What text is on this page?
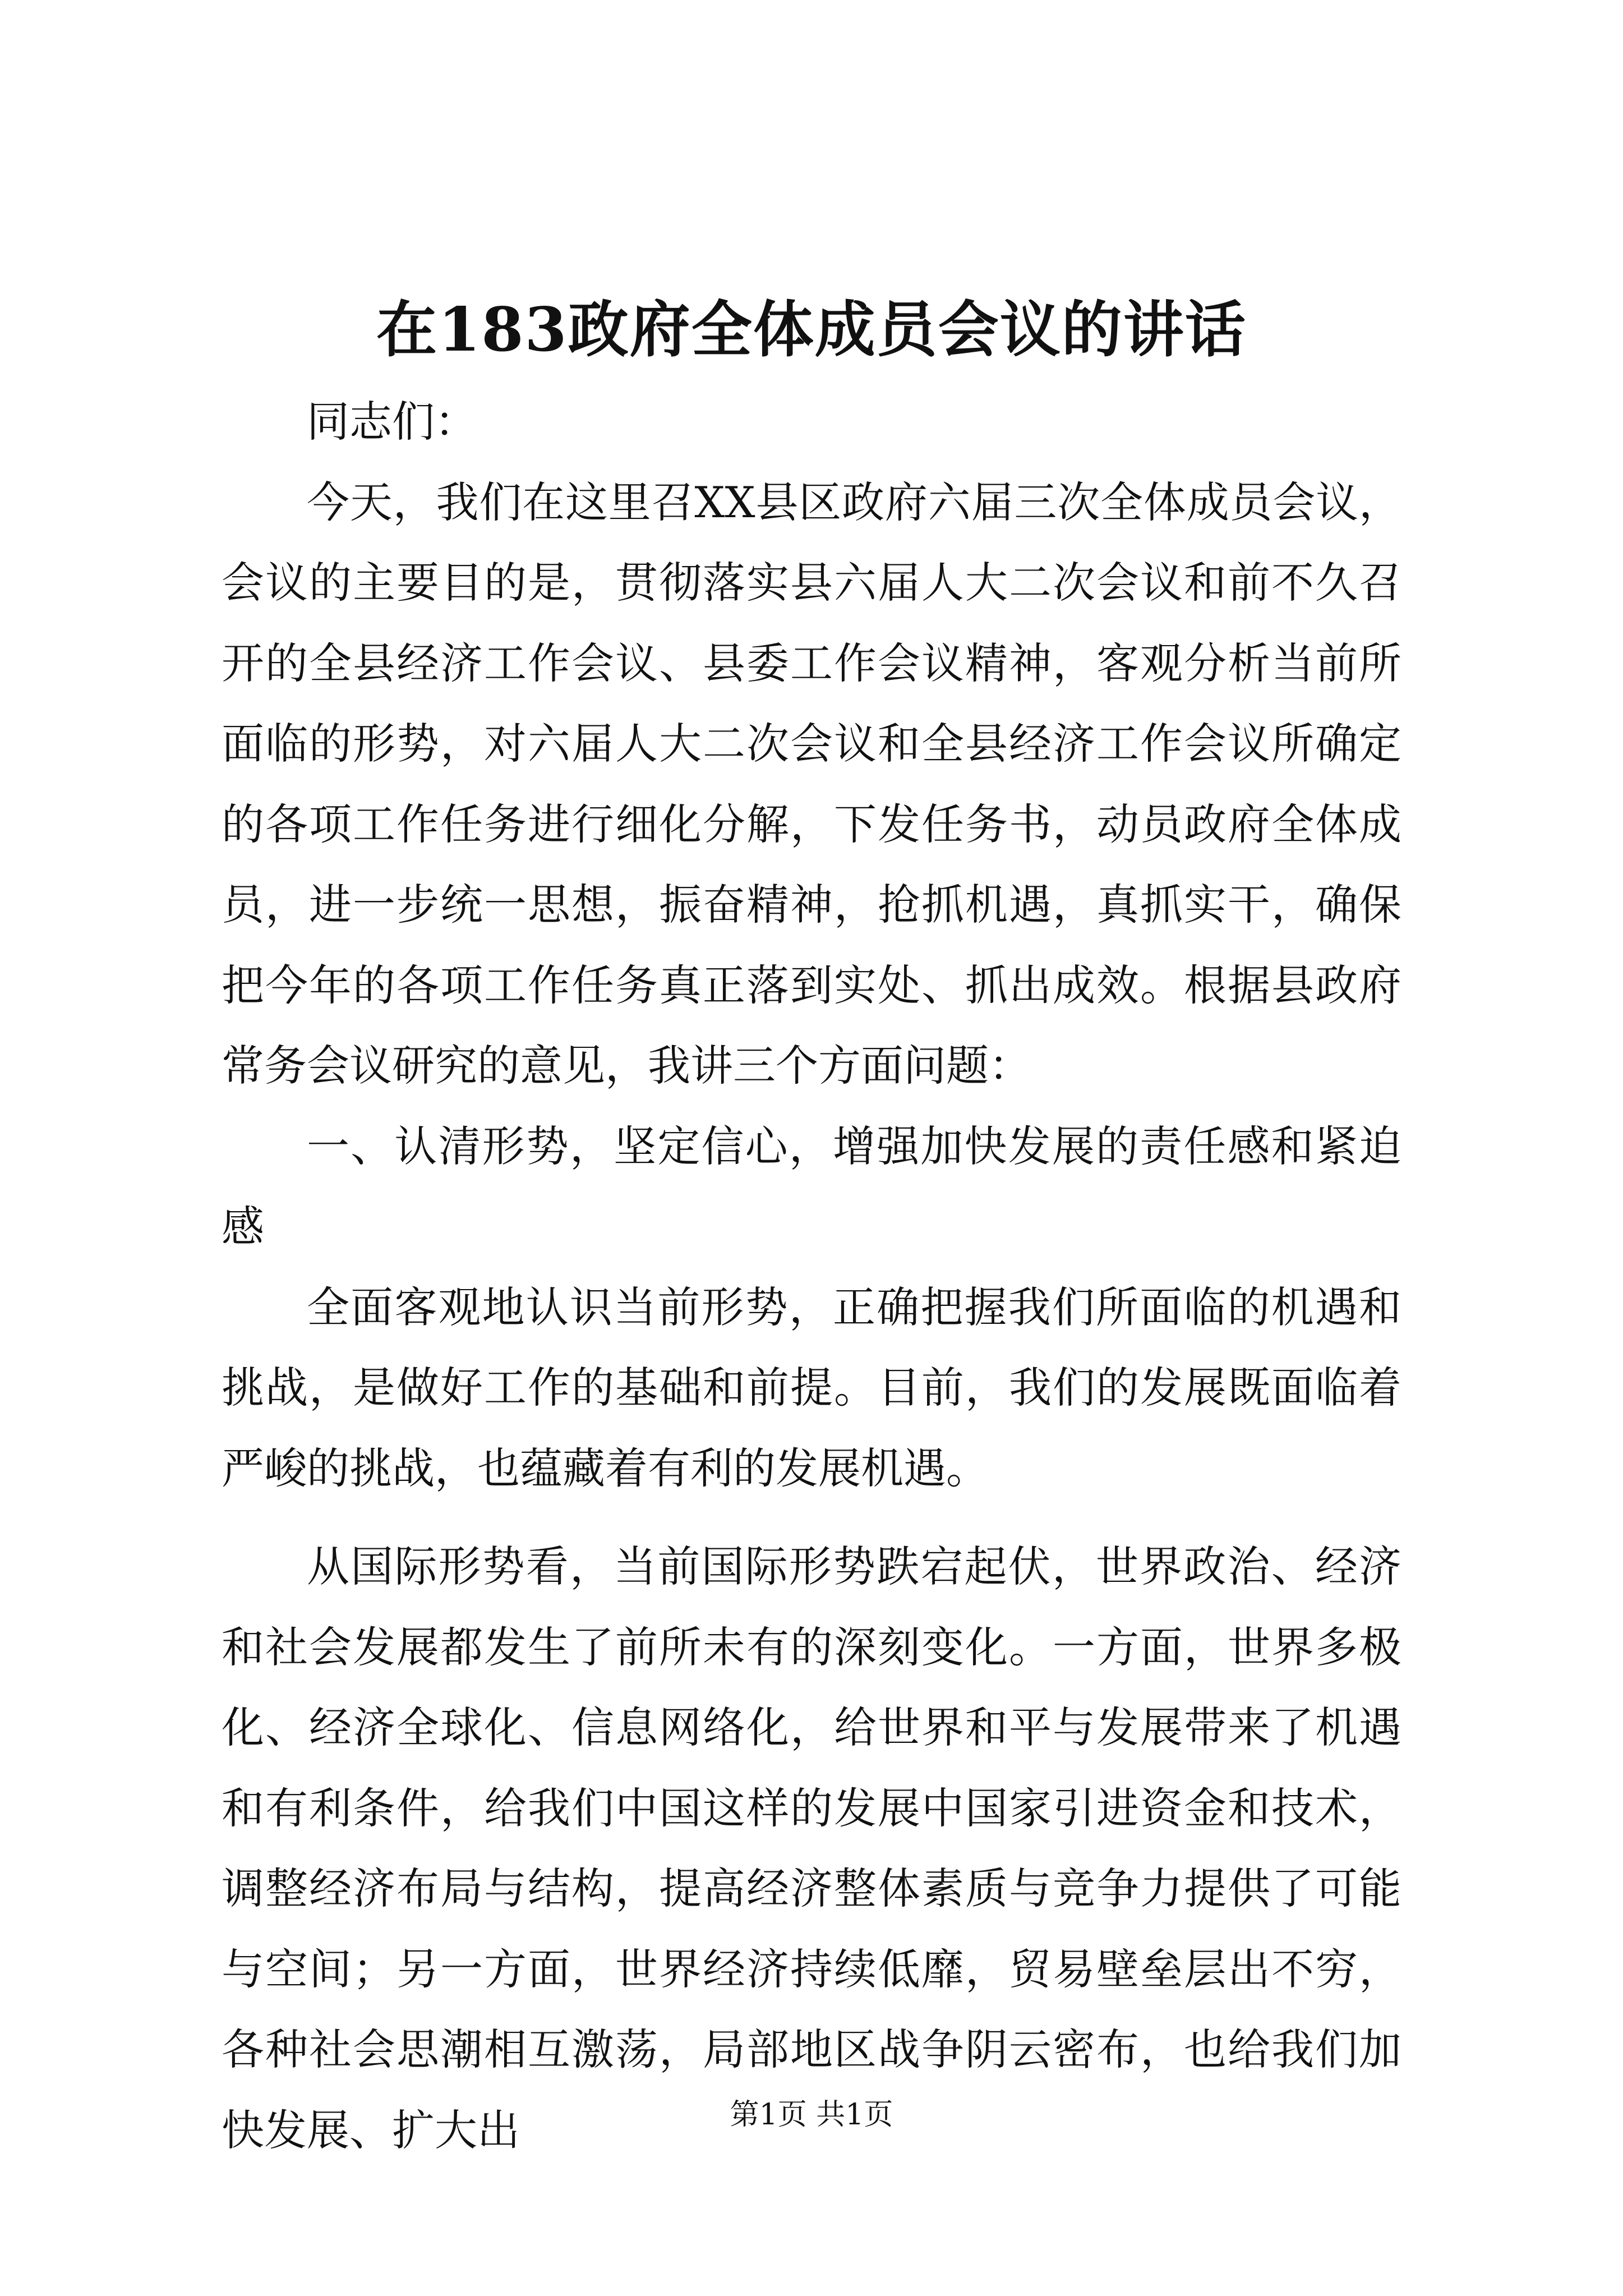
在183政府全体成员会议的讲话

同志们：

今天，我们在这里召XX县区政府六届三次全体成员会议，会议的主要目的是，贯彻落实县六届人大二次会议和前不久召开的全县经济工作会议、县委工作会议精神，客观分析当前所面临的形势，对六届人大二次会议和全县经济工作会议所确定的各项工作任务进行细化分解，下发任务书，动员政府全体成员，进一步统一思想，振奋精神，抢抓机遇，真抓实干，确保把今年的各项工作任务真正落到实处、抓出成效。根据县政府常务会议研究的意见，我讲三个方面问题：

一、认清形势，坚定信心，增强加快发展的责任感和紧迫感

全面客观地认识当前形势，正确把握我们所面临的机遇和挑战，是做好工作的基础和前提。目前，我们的发展既面临着严峻的挑战，也蕴藏着有利的发展机遇。

从国际形势看，当前国际形势跌宕起伏，世界政治、经济和社会发展都发生了前所未有的深刻变化。一方面，世界多极化、经济全球化、信息网络化，给世界和平与发展带来了机遇和有利条件，给我们中国这样的发展中国家引进资金和技术，调整经济布局与结构，提高经济整体素质与竞争力提供了可能与空间；另一方面，世界经济持续低靡，贸易壁垒层出不穷，各种社会思潮相互激荡，局部地区战争阴云密布，也给我们加快发展、扩大出	第1页 共1页
